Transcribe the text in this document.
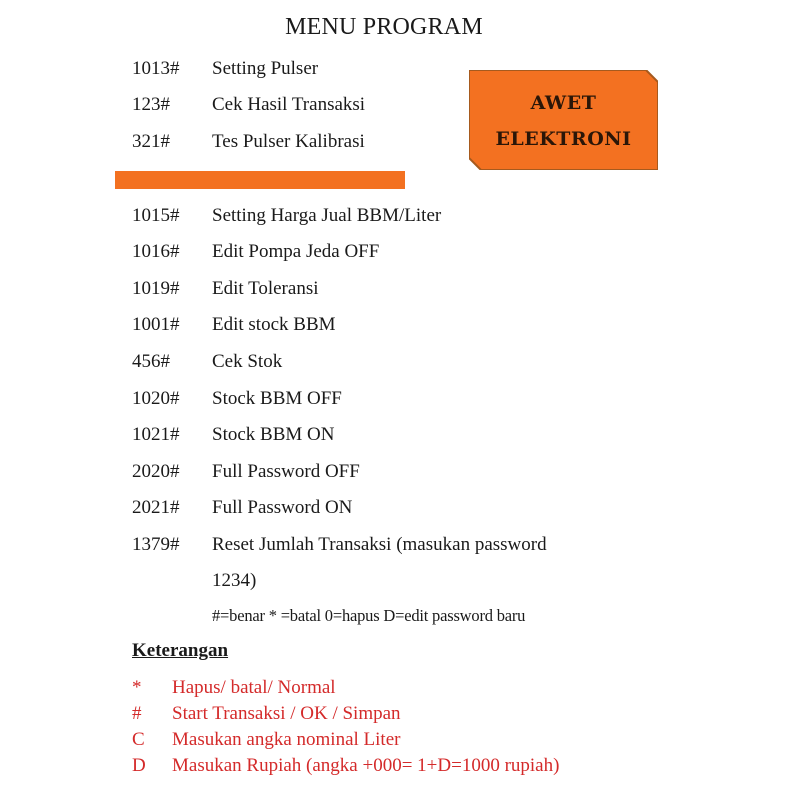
MENU PROGRAM
1013# Setting Pulser
123# Cek Hasil Transaksi
321# Tes Pulser Kalibrasi
AWET
ELEKTRONI
1015# Setting Harga Jual BBM/Liter
1016# Edit Pompa Jeda OFF
1019# Edit Toleransi
1001# Edit stock BBM
456# Cek Stok
1020# Stock BBM OFF
1021# Stock BBM ON
2020# Full Password OFF
2021# Full Password ON
1379# Reset Jumlah Transaksi (masukan password
1234)
#=benar * =batal 0=hapus D=edit password baru
Keterangan
* Hapus/ batal/ Normal
# Start Transaksi / OK / Simpan
C Masukan angka nominal Liter
D Masukan Rupiah (angka +000= 1+D=1000 rupiah)
